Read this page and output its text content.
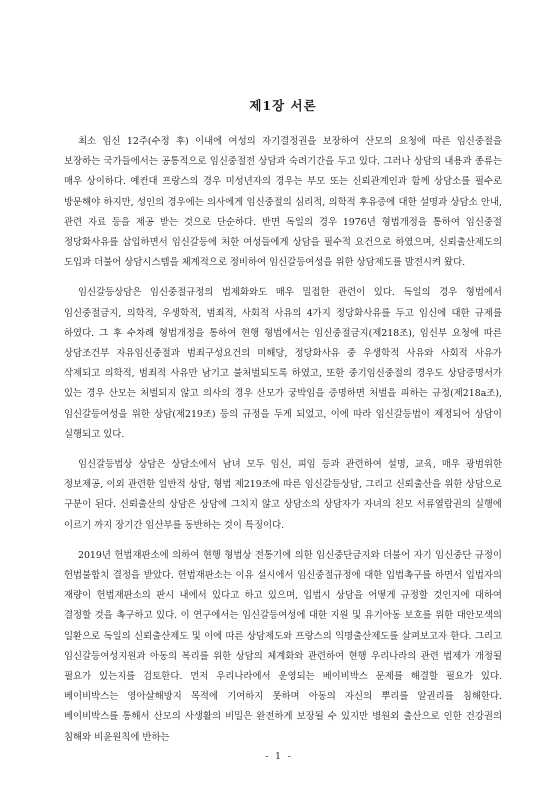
제1장 서론

최소 임신 12주(수정 후) 이내에 여성의 자기결정권을 보장하여 산모의 요청에 따른 임신중절을 보장하는 국가들에서는 공통적으로 임신중절전 상담과 숙려기간을 두고 있다. 그러나 상담의 내용과 종류는 매우 상이하다. 예컨대 프랑스의 경우 미성년자의 경우는 부모 또는 신뢰관계인과 함께 상담소를 필수로 방문해야 하지만, 성인의 경우에는 의사에게 임신중절의 심리적, 의학적 후유증에 대한 설명과 상담소 안내, 관련 자료 등을 제공 받는 것으로 단순하다. 반면 독일의 경우 1976년 형법개정을 통하여 임신중절 정당화사유를 삽입하면서 임신갈등에 처한 여성들에게 상담을 필수적 요건으로 하였으며, 신뢰출산제도의 도입과 더불어 상담시스템을 체계적으로 정비하여 임신갈등여성을 위한 상담제도를 발전시켜 왔다.

임신갈등상담은 임신중절규정의 법제화와도 매우 밀접한 관련이 있다. 독일의 경우 형법에서 임신중절금지, 의학적, 우생학적, 범죄적, 사회적 사유의 4가지 정당화사유를 두고 임신에 대한 규제를 하였다. 그 후 수차례 형법개정을 통하여 현행 형법에서는 임신중절금지(제218조), 임신부 요청에 따른 상담조건부 자유임신중절과 범죄구성요건의 미해당, 정당화사유 중 우생학적 사유와 사회적 사유가 삭제되고 의학적, 범죄적 사유만 남기고 불처벌되도록 하였고, 또한 중기임신중절의 경우도 상담증명서가 있는 경우 산모는 처벌되지 않고 의사의 경우 산모가 궁박임을 증명하면 처벌을 피하는 규정(제218a조), 임신갈등여성을 위한 상담(제219조) 등의 규정을 두게 되었고, 이에 따라 임신갈등법이 제정되어 상담이 실행되고 있다.

임신갈등법상 상담은 상담소에서 남녀 모두 임신, 피임 등과 관련하여 설명, 교육, 매우 광범위한 정보제공, 이외 관련한 일반적 상담, 형법 제219조에 따른 임신갈등상담, 그리고 신뢰출산을 위한 상담으로 구분이 된다. 신뢰출산의 상담은 상담에 그치지 않고 상담소의 상담자가 자녀의 친모 서류열람권의 실행에 이르기 까지 장기간 임산부를 동반하는 것이 특징이다.

2019년 헌법재판소에 의하여 현행 형법상 전통기에 의한 임신중단금지와 더불어 자기 임신중단 규정이 헌법불합치 결정을 받았다. 헌법재판소는 이유 설시에서 임신중절규정에 대한 입법촉구를 하면서 입법자의 재량이 헌법재판소의 판시 내에서 있다고 하고 있으며, 입법시 상담을 어떻게 규정할 것인지에 대하여 결정할 것을 촉구하고 있다. 이 연구에서는 임신갈등여성에 대한 지원 및 유기아동 보호를 위한 대안모색의 일환으로 독일의 신뢰출산제도 및 이에 따른 상담제도와 프랑스의 익명출산제도를 살펴보고자 한다. 그리고 임신갈등여성지원과 아동의 복리를 위한 상담의 체계화와 관련하여 현행 우리나라의 관련 법제가 개정될 필요가 있는지를 검토한다. 먼저 우리나라에서 운영되는 베이비박스 문제를 해결할 필요가 있다. 베이비박스는 영아살해방지 목적에 기여하지 못하며 아동의 자신의 뿌리를 알권리를 침해한다. 베이비박스를 통해서 산모의 사생활의 비밀은 완전하게 보장될 수 있지만 병원외 출산으로 인한 건강권의 침해와 비윤원칙에 반하는

- 1 -
